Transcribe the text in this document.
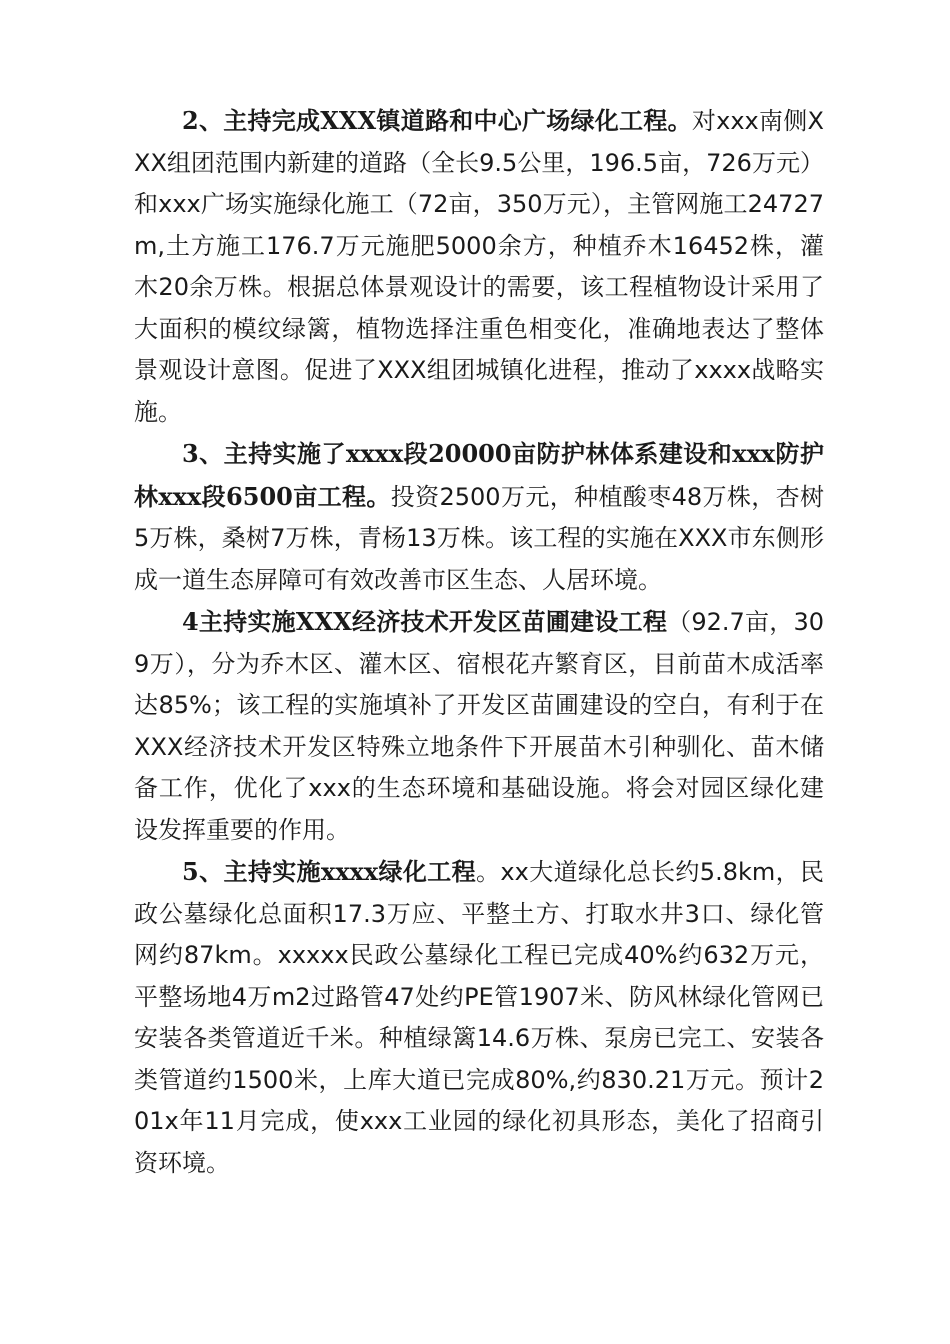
2、主持完成XXX镇道路和中心广场绿化工程。对xxx南侧XXX组团范围内新建的道路（全长9.5公里，196.5亩，726万元）和xxx广场实施绿化施工（72亩，350万元），主管网施工24727m,土方施工176.7万元施肥5000余方，种植乔木16452株，灌木20余万株。根据总体景观设计的需要，该工程植物设计采用了大面积的模纹绿篱，植物选择注重色相变化，准确地表达了整体景观设计意图。促进了XXX组团城镇化进程，推动了xxxx战略实施。

3、主持实施了xxxx段20000亩防护林体系建设和xxx防护林xxx段6500亩工程。投资2500万元，种植酸枣48万株，杏树5万株，桑树7万株，青杨13万株。该工程的实施在XXX市东侧形成一道生态屏障可有效改善市区生态、人居环境。

4主持实施XXX经济技术开发区苗圃建设工程（92.7亩，309万），分为乔木区、灌木区、宿根花卉繁育区，目前苗木成活率达85%；该工程的实施填补了开发区苗圃建设的空白，有利于在XXX经济技术开发区特殊立地条件下开展苗木引种驯化、苗木储备工作，优化了xxx的生态环境和基础设施。将会对园区绿化建设发挥重要的作用。

5、主持实施xxxx绿化工程。xx大道绿化总长约5.8km，民政公墓绿化总面积17.3万应、平整土方、打取水井3口、绿化管网约87km。xxxxx民政公墓绿化工程已完成40%约632万元，平整场地4万m2过路管47处约PE管1907米、防风林绿化管网已安装各类管道近千米。种植绿篱14.6万株、泵房已完工、安装各类管道约1500米，上库大道已完成80%,约830.21万元。预计201x年11月完成，使xxx工业园的绿化初具形态，美化了招商引资环境。
